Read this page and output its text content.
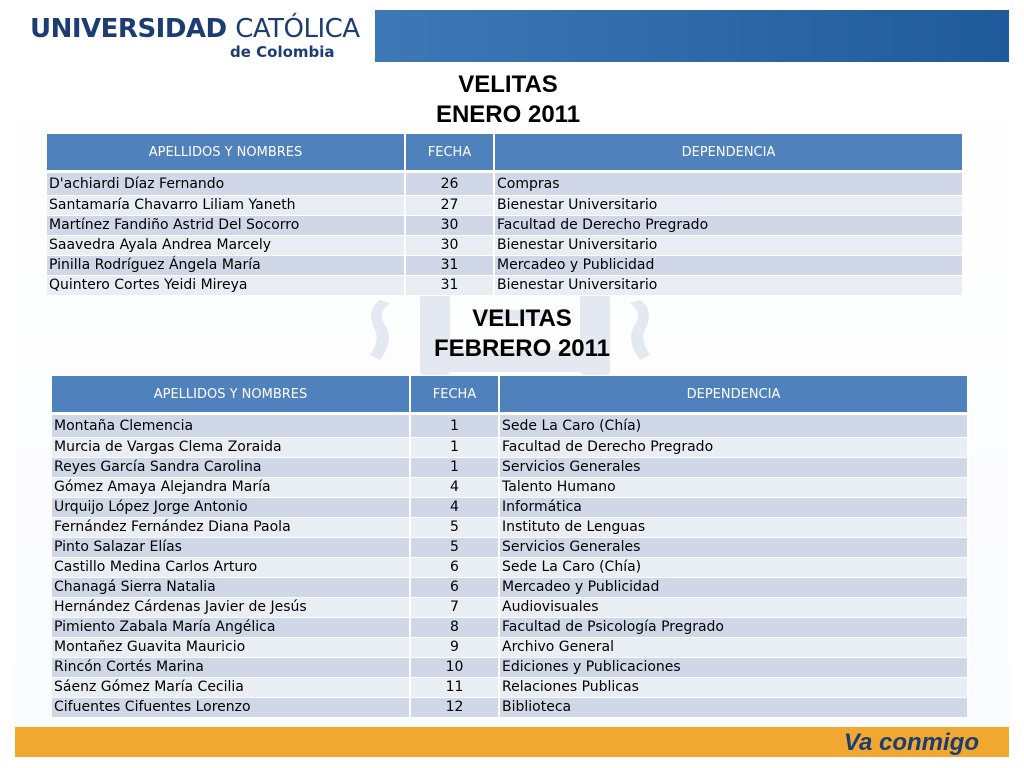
UNIVERSIDAD CATÓLICA
de Colombia
VELITAS
ENERO 2011
APELLIDOS Y NOMBRES	FECHA	DEPENDENCIA
D'achiardi Díaz Fernando	26	Compras
Santamaría Chavarro Liliam Yaneth	27	Bienestar Universitario
Martínez Fandiño Astrid Del Socorro	30	Facultad de Derecho Pregrado
Saavedra Ayala Andrea Marcely	30	Bienestar Universitario
Pinilla Rodríguez Ángela María	31	Mercadeo y Publicidad
Quintero Cortes Yeidi Mireya	31	Bienestar Universitario
VELITAS
FEBRERO 2011
APELLIDOS Y NOMBRES	FECHA	DEPENDENCIA
Montaña Clemencia	1	Sede La Caro (Chía)
Murcia de Vargas Clema Zoraida	1	Facultad de Derecho Pregrado
Reyes García Sandra Carolina	1	Servicios Generales
Gómez Amaya Alejandra María	4	Talento Humano
Urquijo López Jorge Antonio	4	Informática
Fernández Fernández Diana Paola	5	Instituto de Lenguas
Pinto Salazar Elías	5	Servicios Generales
Castillo Medina Carlos Arturo	6	Sede La Caro (Chía)
Chanagá Sierra Natalia	6	Mercadeo y Publicidad
Hernández Cárdenas Javier de Jesús	7	Audiovisuales
Pimiento Zabala María Angélica	8	Facultad de Psicología Pregrado
Montañez Guavita Mauricio	9	Archivo General
Rincón Cortés Marina	10	Ediciones y Publicaciones
Sáenz Gómez María Cecilia	11	Relaciones Publicas
Cifuentes Cifuentes Lorenzo	12	Biblioteca
Va conmigo
